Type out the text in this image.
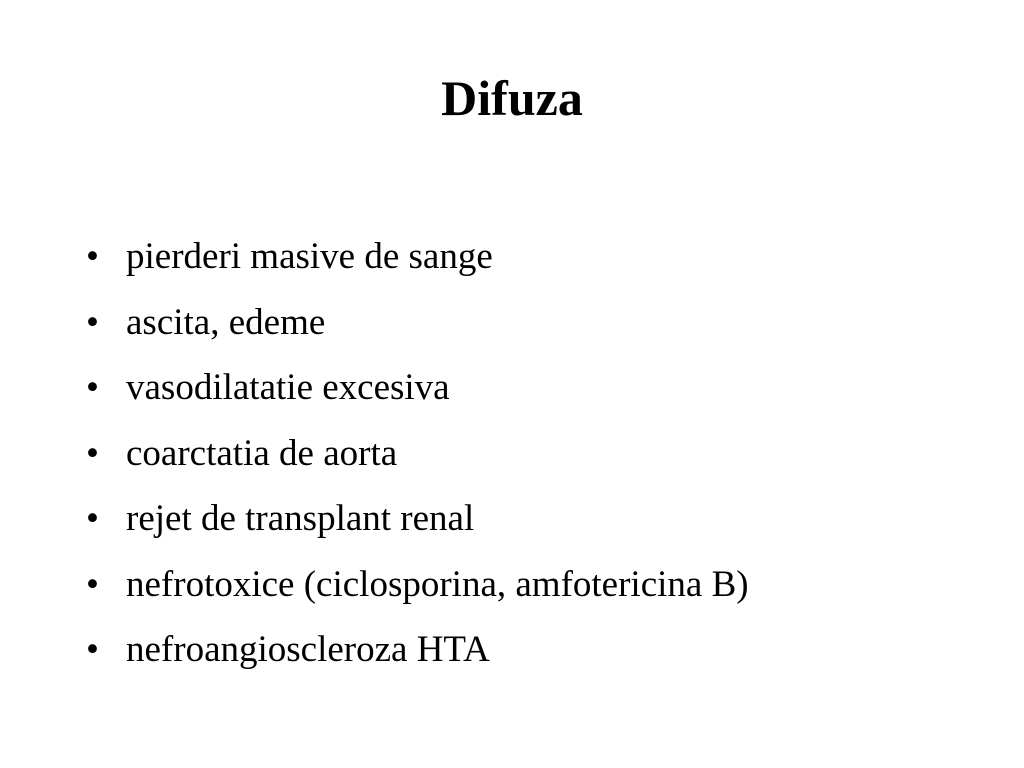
Difuza
• pierderi masive de sange
• ascita, edeme
• vasodilatatie excesiva
• coarctatia de aorta
• rejet de transplant renal
• nefrotoxice (ciclosporina, amfotericina B)
• nefroangioscleroza HTA
